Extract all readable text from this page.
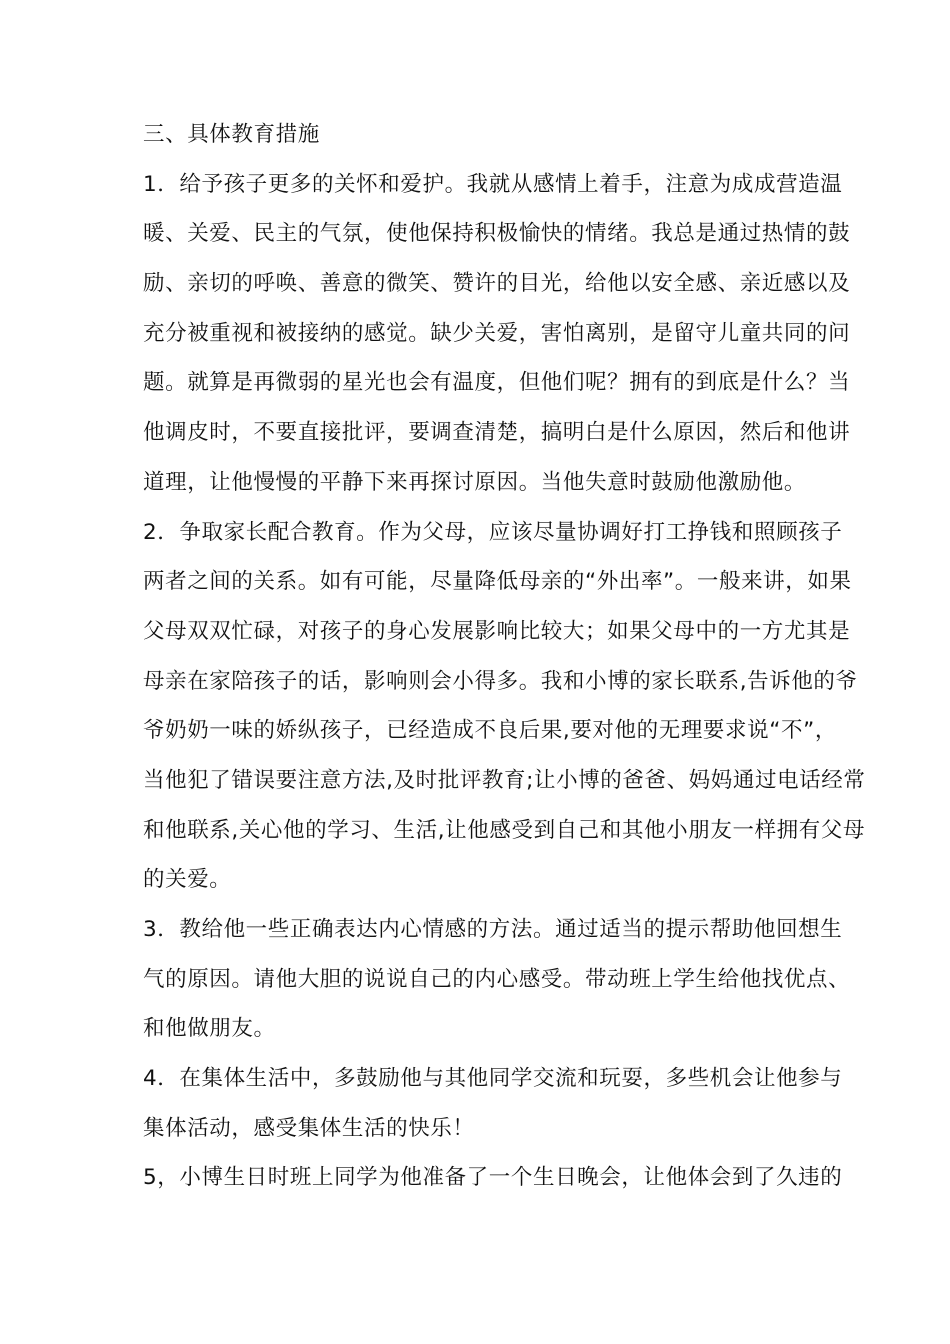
三、具体教育措施
1．给予孩子更多的关怀和爱护。我就从感情上着手，注意为成成营造温
暖、关爱、民主的气氛，使他保持积极愉快的情绪。我总是通过热情的鼓
励、亲切的呼唤、善意的微笑、赞许的目光，给他以安全感、亲近感以及
充分被重视和被接纳的感觉。缺少关爱，害怕离别，是留守儿童共同的问
题。就算是再微弱的星光也会有温度，但他们呢？拥有的到底是什么？当
他调皮时，不要直接批评，要调查清楚，搞明白是什么原因，然后和他讲
道理，让他慢慢的平静下来再探讨原因。当他失意时鼓励他激励他。
2．争取家长配合教育。作为父母，应该尽量协调好打工挣钱和照顾孩子
两者之间的关系。如有可能，尽量降低母亲的“外出率”。一般来讲，如果
父母双双忙碌，对孩子的身心发展影响比较大；如果父母中的一方尤其是
母亲在家陪孩子的话，影响则会小得多。我和小博的家长联系,告诉他的爷
爷奶奶一味的娇纵孩子，已经造成不良后果,要对他的无理要求说“不”，
当他犯了错误要注意方法,及时批评教育;让小博的爸爸、妈妈通过电话经常
和他联系,关心他的学习、生活,让他感受到自己和其他小朋友一样拥有父母
的关爱。
3．教给他一些正确表达内心情感的方法。通过适当的提示帮助他回想生
气的原因。请他大胆的说说自己的内心感受。带动班上学生给他找优点、
和他做朋友。
4．在集体生活中，多鼓励他与其他同学交流和玩耍，多些机会让他参与
集体活动，感受集体生活的快乐！
5，小博生日时班上同学为他准备了一个生日晚会，让他体会到了久违的
